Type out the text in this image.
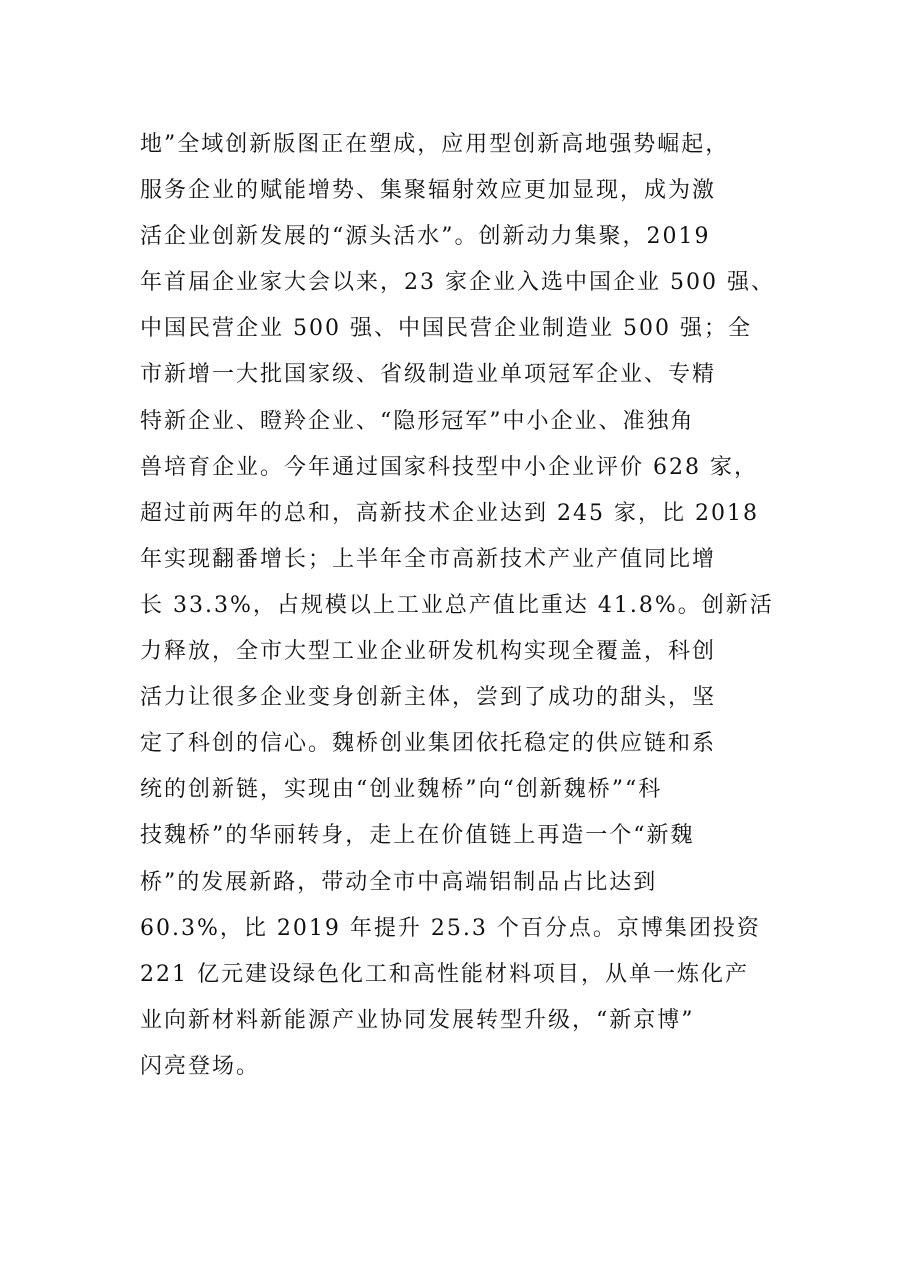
地”全域创新版图正在塑成，应用型创新高地强势崛起，
服务企业的赋能增势、集聚辐射效应更加显现，成为激
活企业创新发展的“源头活水”。创新动力集聚，2019
年首届企业家大会以来，23 家企业入选中国企业 500 强、
中国民营企业 500 强、中国民营企业制造业 500 强；全
市新增一大批国家级、省级制造业单项冠军企业、专精
特新企业、瞪羚企业、“隐形冠军”中小企业、准独角
兽培育企业。今年通过国家科技型中小企业评价 628 家，
超过前两年的总和，高新技术企业达到 245 家，比 2018
年实现翻番增长；上半年全市高新技术产业产值同比增
长 33.3%，占规模以上工业总产值比重达 41.8%。创新活
力释放，全市大型工业企业研发机构实现全覆盖，科创
活力让很多企业变身创新主体，尝到了成功的甜头，坚
定了科创的信心。魏桥创业集团依托稳定的供应链和系
统的创新链，实现由“创业魏桥”向“创新魏桥”“科
技魏桥”的华丽转身，走上在价值链上再造一个“新魏
桥”的发展新路，带动全市中高端铝制品占比达到
60.3%，比 2019 年提升 25.3 个百分点。京博集团投资
221 亿元建设绿色化工和高性能材料项目，从单一炼化产
业向新材料新能源产业协同发展转型升级，“新京博”
闪亮登场。
